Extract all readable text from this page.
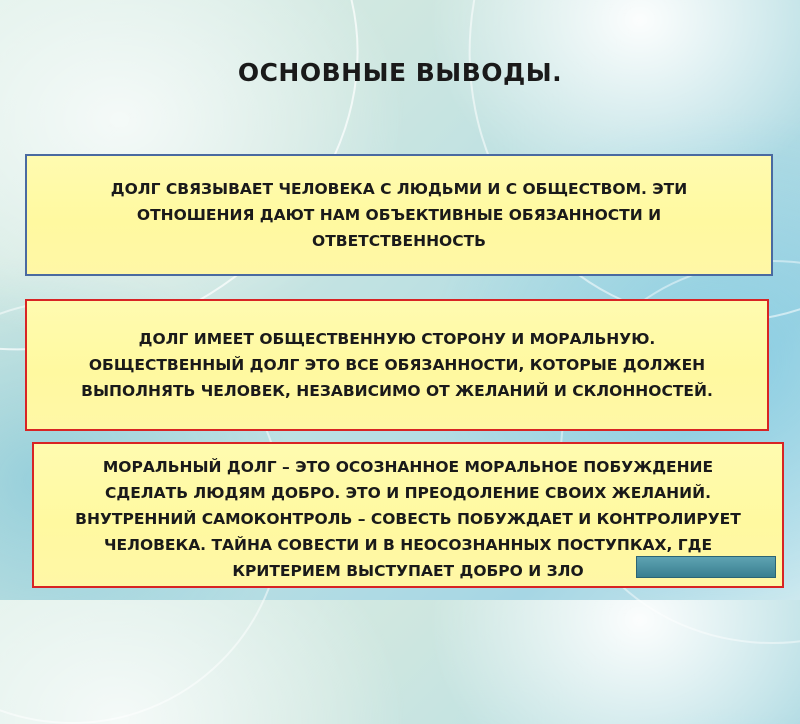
ОСНОВНЫЕ ВЫВОДЫ.
ДОЛГ СВЯЗЫВАЕТ ЧЕЛОВЕКА С ЛЮДЬМИ И С ОБЩЕСТВОМ. ЭТИ
ОТНОШЕНИЯ ДАЮТ НАМ ОБЪЕКТИВНЫЕ ОБЯЗАННОСТИ И
ОТВЕТСТВЕННОСТЬ
ДОЛГ ИМЕЕТ ОБЩЕСТВЕННУЮ СТОРОНУ И МОРАЛЬНУЮ.
ОБЩЕСТВЕННЫЙ ДОЛГ ЭТО ВСЕ ОБЯЗАННОСТИ, КОТОРЫЕ ДОЛЖЕН
ВЫПОЛНЯТЬ ЧЕЛОВЕК, НЕЗАВИСИМО ОТ ЖЕЛАНИЙ И СКЛОННОСТЕЙ.
МОРАЛЬНЫЙ ДОЛГ – ЭТО ОСОЗНАННОЕ МОРАЛЬНОЕ ПОБУЖДЕНИЕ
СДЕЛАТЬ ЛЮДЯМ ДОБРО. ЭТО И ПРЕОДОЛЕНИЕ СВОИХ ЖЕЛАНИЙ.
ВНУТРЕННИЙ САМОКОНТРОЛЬ – СОВЕСТЬ ПОБУЖДАЕТ И КОНТРОЛИРУЕТ
ЧЕЛОВЕКА. ТАЙНА СОВЕСТИ И В НЕОСОЗНАННЫХ ПОСТУПКАХ, ГДЕ
КРИТЕРИЕМ ВЫСТУПАЕТ ДОБРО И ЗЛО
